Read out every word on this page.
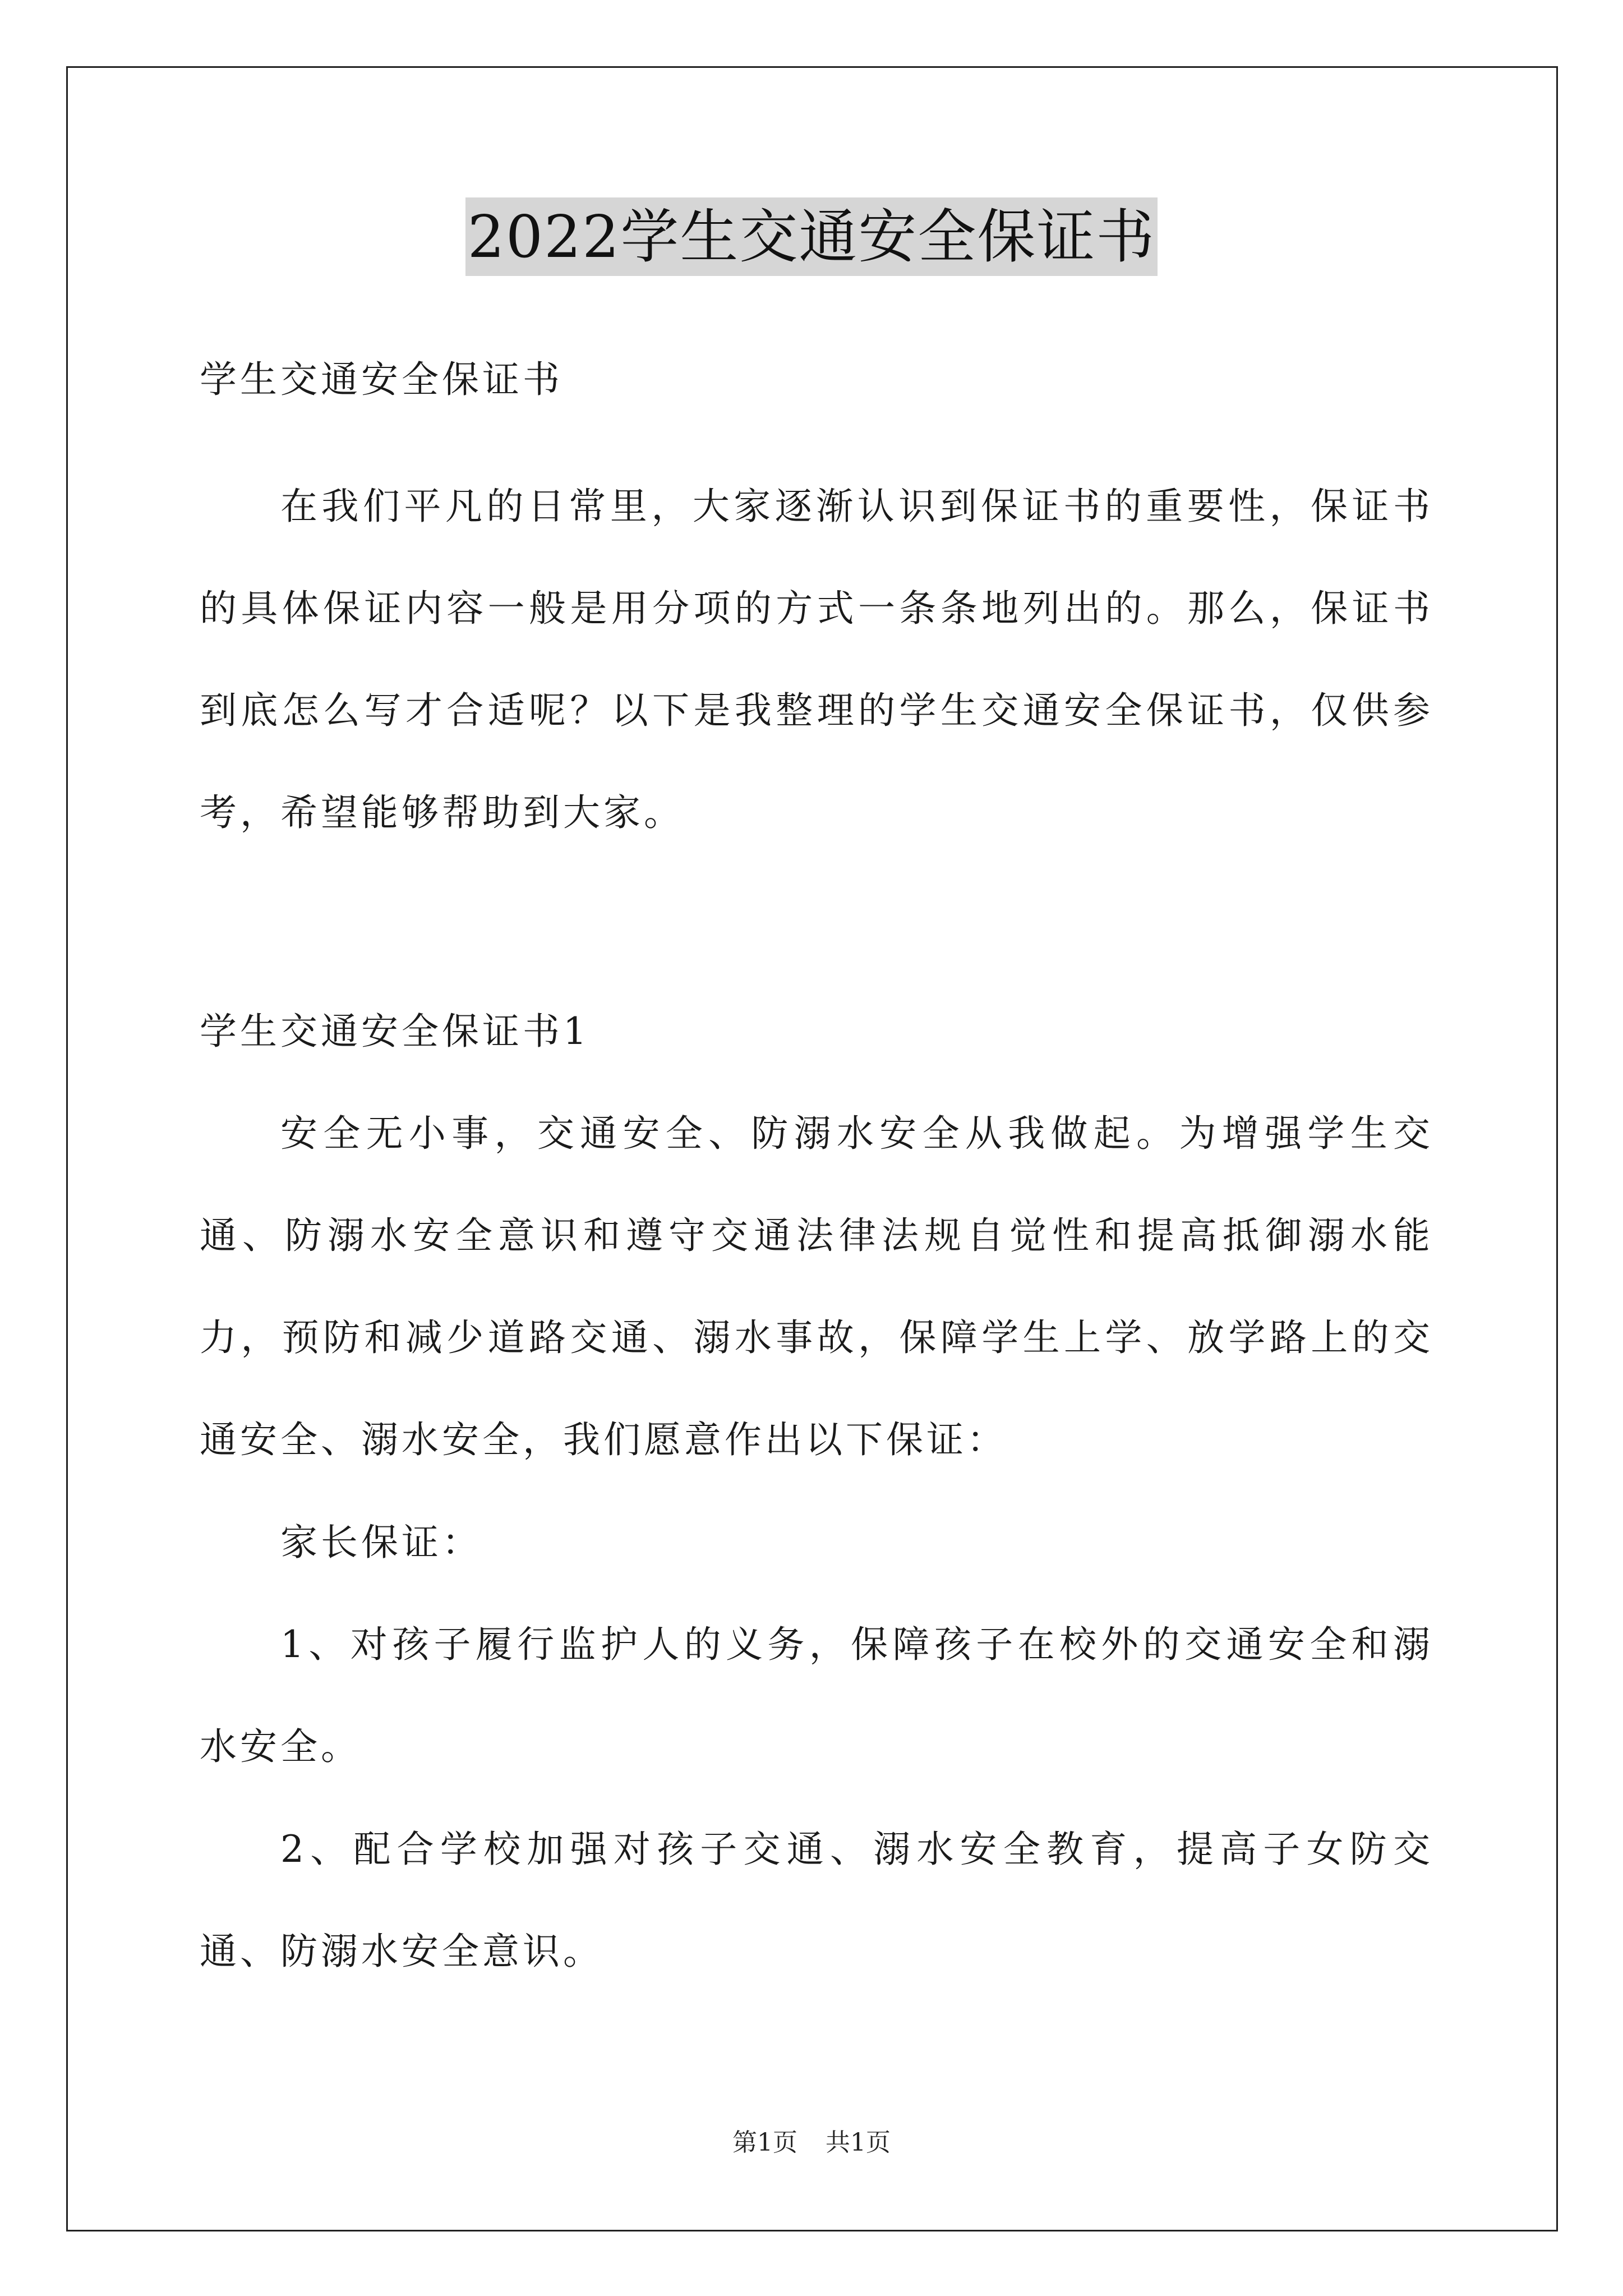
2022学生交通安全保证书

学生交通安全保证书

在我们平凡的日常里，大家逐渐认识到保证书的重要性，保证书的具体保证内容一般是用分项的方式一条条地列出的。那么，保证书到底怎么写才合适呢？以下是我整理的学生交通安全保证书，仅供参考，希望能够帮助到大家。

学生交通安全保证书1

安全无小事，交通安全、防溺水安全从我做起。为增强学生交通、防溺水安全意识和遵守交通法律法规自觉性和提高抵御溺水能力，预防和减少道路交通、溺水事故，保障学生上学、放学路上的交通安全、溺水安全，我们愿意作出以下保证：

家长保证：

1、对孩子履行监护人的义务，保障孩子在校外的交通安全和溺水安全。

2、配合学校加强对孩子交通、溺水安全教育，提高子女防交通、防溺水安全意识。

第1页 共1页
